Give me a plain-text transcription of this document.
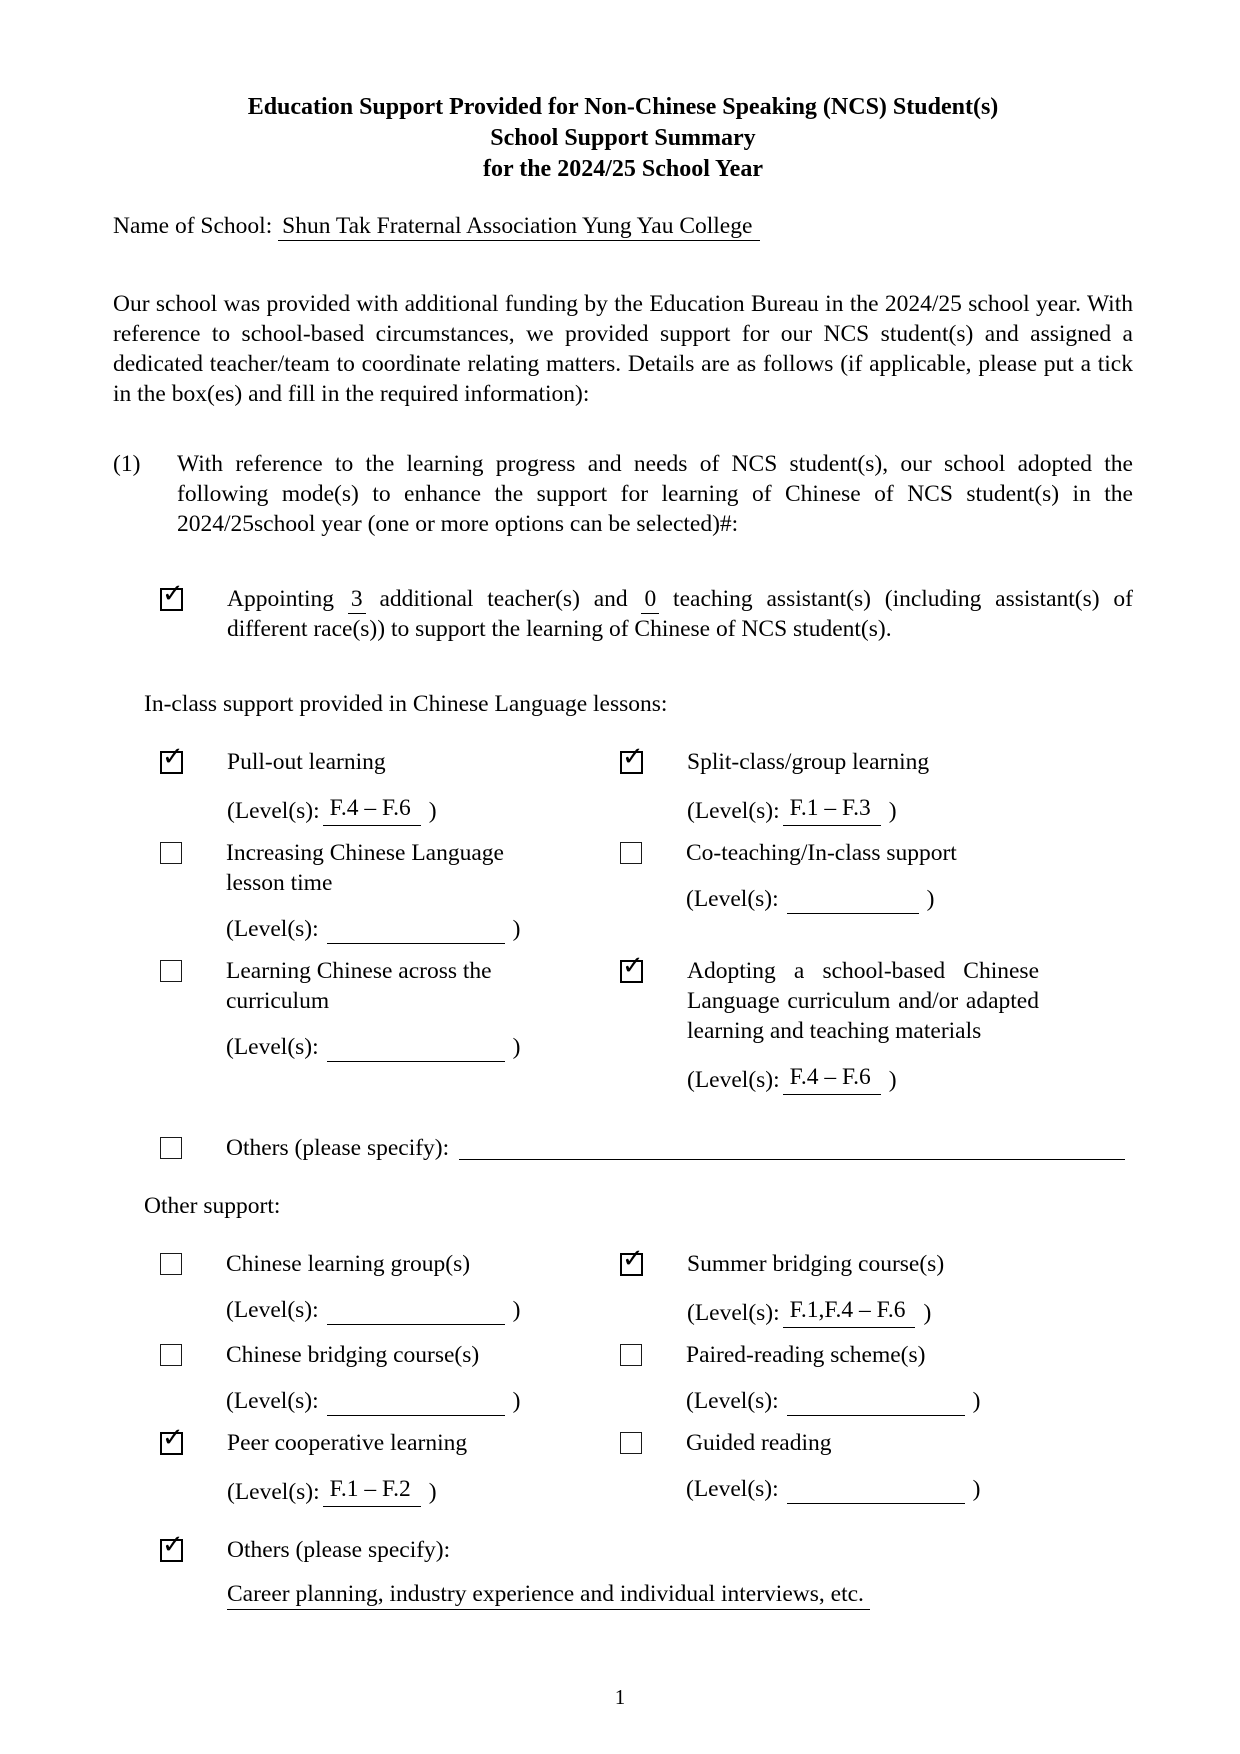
Education Support Provided for Non-Chinese Speaking (NCS) Student(s)
School Support Summary
for the 2024/25 School Year
Name of School: Shun Tak Fraternal Association Yung Yau College
Our school was provided with additional funding by the Education Bureau in the 2024/25 school year. With reference to school-based circumstances, we provided support for our NCS student(s) and assigned a dedicated teacher/team to coordinate relating matters. Details are as follows (if applicable, please put a tick in the box(es) and fill in the required information):
(1)	With reference to the learning progress and needs of NCS student(s), our school adopted the following mode(s) to enhance the support for learning of Chinese of NCS student(s) in the 2024/25school year (one or more options can be selected)#:
✓ Appointing 3 additional teacher(s) and 0 teaching assistant(s) (including assistant(s) of different race(s)) to support the learning of Chinese of NCS student(s).
In-class support provided in Chinese Language lessons:
✓ Pull-out learning
(Level(s): F.4 – F.6 )
✓ Split-class/group learning
(Level(s): F.1 – F.3 )
Increasing Chinese Language lesson time
(Level(s):	)
Co-teaching/In-class support
(Level(s):	)
Learning Chinese across the curriculum
(Level(s):	)
✓ Adopting a school-based Chinese Language curriculum and/or adapted learning and teaching materials
(Level(s): F.4 – F.6 )
Others (please specify):
Other support:
Chinese learning group(s)
(Level(s):	)
✓ Summer bridging course(s)
(Level(s): F.1,F.4 – F.6 )
Chinese bridging course(s)
(Level(s):	)
Paired-reading scheme(s)
(Level(s):	)
✓ Peer cooperative learning
(Level(s): F.1 – F.2 )
Guided reading
(Level(s):	)
✓ Others (please specify):
Career planning, industry experience and individual interviews, etc.
1
